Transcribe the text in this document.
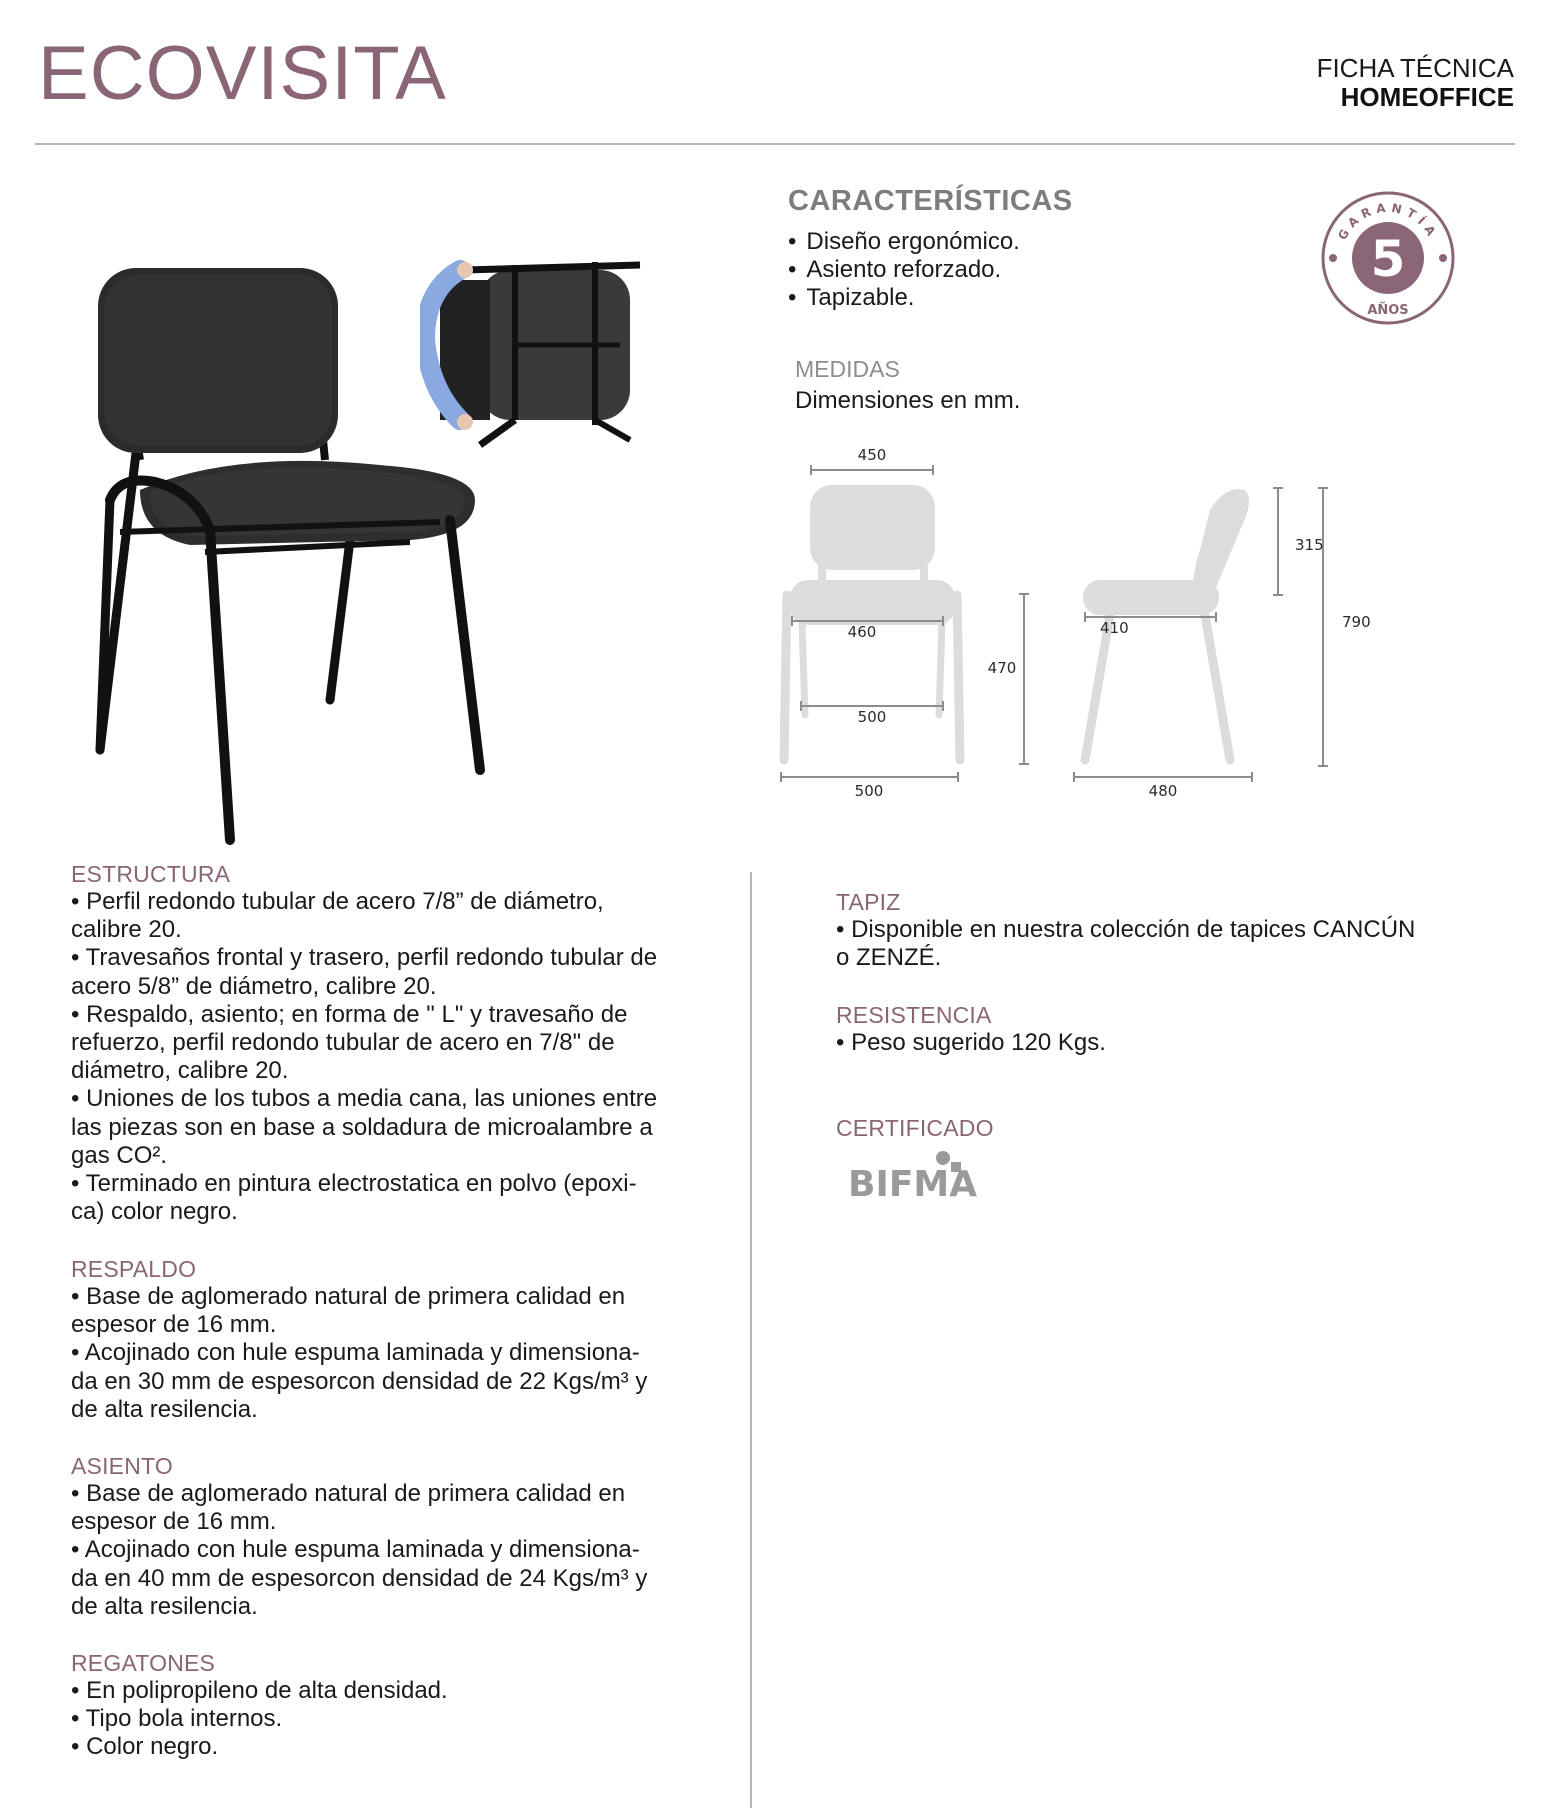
ECOVISITA	FICHA TÉCNICA
HOMEOFFICE
CARACTERÍSTICAS
• Diseño ergonómico.
• Asiento reforzado.
• Tapizable.
GARANTÍA
5
AÑOS
MEDIDAS
Dimensiones en mm.
450
460
500
500
470
315
410	790
480
ESTRUCTURA

• Perfil redondo tubular de acero 7/8” de diámetro,

calibre 20.

• Travesaños frontal y trasero, perfil redondo tubular de

acero 5/8” de diámetro, calibre 20.

• Respaldo, asiento; en forma de " L" y travesaño de

refuerzo, perfil redondo tubular de acero en 7/8" de

diámetro, calibre 20.

• Uniones de los tubos a media cana, las uniones entre

las piezas son en base a soldadura de microalambre a

gas CO².

• Terminado en pintura electrostatica en polvo (epoxi-

ca) color negro.

RESPALDO

• Base de aglomerado natural de primera calidad en

espesor de 16 mm.

• Acojinado con hule espuma laminada y dimensiona-

da en 30 mm de espesorcon densidad de 22 Kgs/m³ y

de alta resilencia.

ASIENTO

• Base de aglomerado natural de primera calidad en

espesor de 16 mm.

• Acojinado con hule espuma laminada y dimensiona-

da en 40 mm de espesorcon densidad de 24 Kgs/m³ y

de alta resilencia.

REGATONES

• En polipropileno de alta densidad.

• Tipo bola internos.

• Color negro.

TAPIZ

• Disponible en nuestra colección de tapices CANCÚN

o ZENZÉ.

RESISTENCIA

• Peso sugerido 120 Kgs.

CERTIFICADO
BIFMA
